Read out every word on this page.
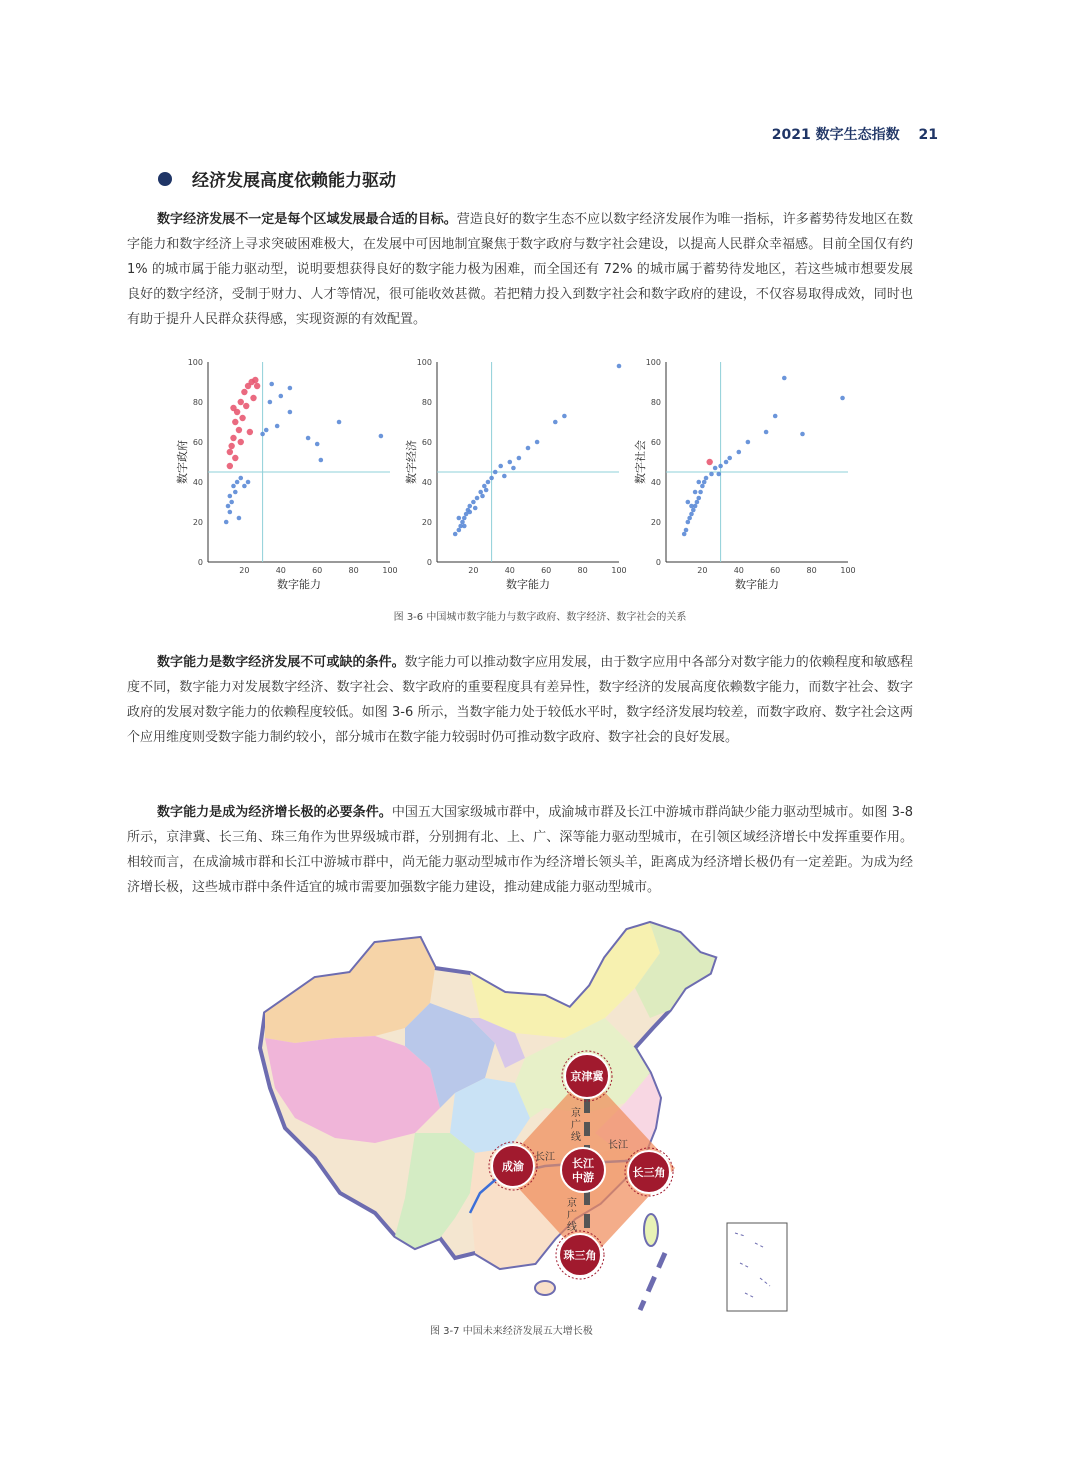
2021 数字生态指数 21
经济发展高度依赖能力驱动

数字经济发展不一定是每个区域发展最合适的目标。营造良好的数字生态不应以数字经济发展作为唯一指标，许多蓄势待发地区在数字能力和数字经济上寻求突破困难极大，在发展中可因地制宜聚焦于数字政府与数字社会建设，以提高人民群众幸福感。目前全国仅有约 1% 的城市属于能力驱动型，说明要想获得良好的数字能力极为困难，而全国还有 72% 的城市属于蓄势待发地区，若这些城市想要发展良好的数字经济，受制于财力、人才等情况，很可能收效甚微。若把精力投入到数字社会和数字政府的建设，不仅容易取得成效，同时也有助于提升人民群众获得感，实现资源的有效配置。

0
20
40
60
80
100
20	40	60	80	100
数字能力
数字政府
0
20
40
60
80
100
20	40	60	80	100
数字能力
数字经济
0
20
40
60
80
100
20	40	60	80	100
数字能力
数字社会
图 3-6 中国城市数字能力与数字政府、数字经济、数字社会的关系

数字能力是数字经济发展不可或缺的条件。数字能力可以推动数字应用发展，由于数字应用中各部分对数字能力的依赖程度和敏感程度不同，数字能力对发展数字经济、数字社会、数字政府的重要程度具有差异性，数字经济的发展高度依赖数字能力，而数字社会、数字政府的发展对数字能力的依赖程度较低。如图 3-6 所示，当数字能力处于较低水平时，数字经济发展均较差，而数字政府、数字社会这两个应用维度则受数字能力制约较小，部分城市在数字能力较弱时仍可推动数字政府、数字社会的良好发展。

数字能力是成为经济增长极的必要条件。中国五大国家级城市群中，成渝城市群及长江中游城市群尚缺少能力驱动型城市。如图 3-8 所示，京津冀、长三角、珠三角作为世界级城市群，分别拥有北、上、广、深等能力驱动型城市，在引领区域经济增长中发挥重要作用。相较而言，在成渝城市群和长江中游城市群中，尚无能力驱动型城市作为经济增长领头羊，距离成为经济增长极仍有一定差距。为成为经济增长极，这些城市群中条件适宜的城市需要加强数字能力建设，推动建成能力驱动型城市。

京
广
线
京
广
线
长江
长江
京津冀
长三角
成渝	长江
中游
珠三角
图 3-7 中国未来经济发展五大增长极
